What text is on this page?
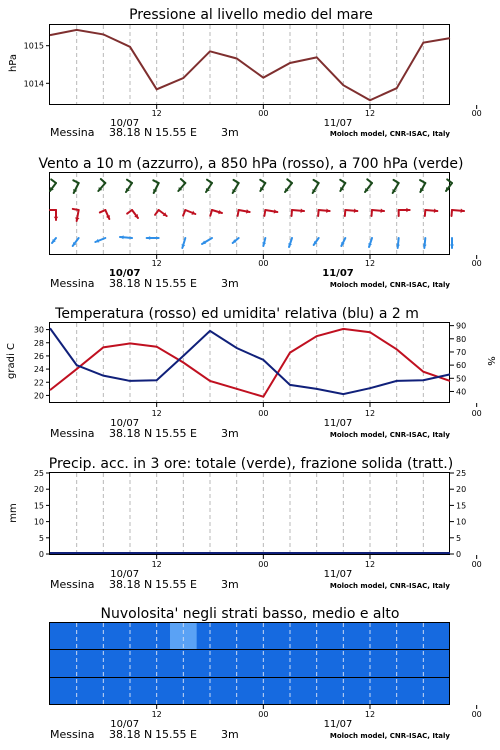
Pressione al livello medio del mare
hPa
1014
1015
12	00	12	00
10/07	11/07
Messina 38.18 N 15.55 E 3m	Moloch model, CNR-ISAC, Italy
Vento a 10 m (azzurro), a 850 hPa (rosso), a 700 hPa (verde)
12	00	12	00
10/07	11/07
Messina 38.18 N 15.55 E 3m	Moloch model, CNR-ISAC, Italy
Temperatura (rosso) ed umidita' relativa (blu) a 2 m
gradi C	%
20
22
24
26
28
30
40
50
60
70
80
90
12	00	12	00
10/07	11/07
Messina 38.18 N 15.55 E 3m	Moloch model, CNR-ISAC, Italy
Precip. acc. in 3 ore: totale (verde), frazione solida (tratt.)
mm
0
5
10
15
20
25
0
5
10
15
20
25
12	00	12	00
10/07	11/07
Messina 38.18 N 15.55 E 3m	Moloch model, CNR-ISAC, Italy
Nuvolosita' negli strati basso, medio e alto
12	00	12	00
10/07	11/07
Messina 38.18 N 15.55 E 3m	Moloch model, CNR-ISAC, Italy
